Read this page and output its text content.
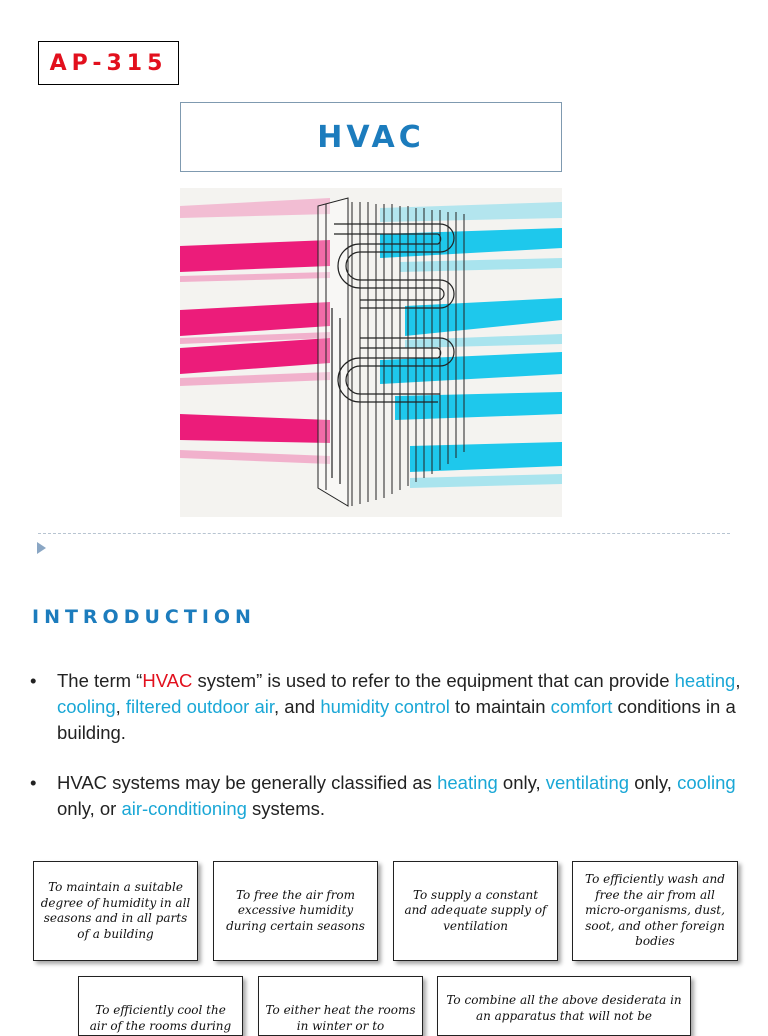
AP-315
HVAC
INTRODUCTION
• The term “HVAC system” is used to refer to the equipment that can provide heating, cooling, filtered outdoor air, and humidity control to maintain comfort conditions in a building.
• HVAC systems may be generally classified as heating only, ventilating only, cooling only, or air-conditioning systems.
To maintain a suitable degree of humidity in all seasons and in all parts of a building
To free the air from excessive humidity during certain seasons
To supply a constant and adequate supply of ventilation
To efficiently wash and free the air from all micro-organisms, dust, soot, and other foreign bodies
To efficiently cool the air of the rooms during
To either heat the rooms in winter or to
To combine all the above desiderata in an apparatus that will not be
